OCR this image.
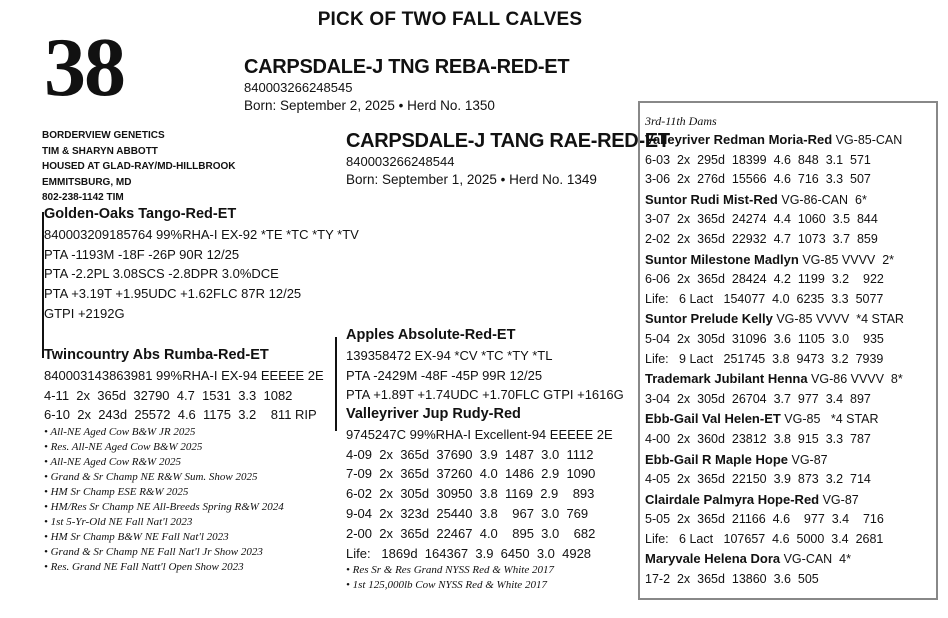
PICK OF TWO FALL CALVES
38	CARPSDALE-J TNG REBA-RED-ET
840003266248545
Born: September 2, 2025 • Herd No. 1350
CARPSDALE-J TANG RAE-RED-ET
840003266248544
Born: September 1, 2025 • Herd No. 1349
BORDERVIEW GENETICS
TIM & SHARYN ABBOTT
HOUSED AT GLAD-RAY/MD-HILLBROOK
EMMITSBURG, MD
802-238-1142 TIM
Golden-Oaks Tango-Red-ET
840003209185764 99%RHA-I EX-92 *TE *TC *TY *TV
PTA -1193M -18F -26P 90R 12/25
PTA -2.2PL 3.08SCS -2.8DPR 3.0%DCE
PTA +3.19T +1.95UDC +1.62FLC 87R 12/25
GTPI +2192G
Twincountry Abs Rumba-Red-ET
840003143863981 99%RHA-I EX-94 EEEEE 2E
4-11  2x  365d  32790  4.7  1531  3.3  1082
6-10  2x  243d  25572  4.6  1175  3.2    811 RIP
• All-NE Aged Cow B&W JR 2025
• Res. All-NE Aged Cow B&W 2025
• All-NE Aged Cow R&W 2025
• Grand & Sr Champ NE R&W Sum. Show 2025
• HM Sr Champ ESE R&W 2025
• HM/Res Sr Champ NE All-Breeds Spring R&W 2024
• 1st 5-Yr-Old NE Fall Nat'l 2023
• HM Sr Champ B&W NE Fall Nat'l 2023
• Grand & Sr Champ NE Fall Nat'l Jr Show 2023
• Res. Grand NE Fall Natt'l Open Show 2023
Apples Absolute-Red-ET
139358472 EX-94 *CV *TC *TY *TL
PTA -2429M -48F -45P 99R 12/25
PTA +1.89T +1.74UDC +1.70FLC GTPI +1616G
Valleyriver Jup Rudy-Red
9745247C 99%RHA-I Excellent-94 EEEEE 2E
4-09  2x  365d  37690  3.9  1487  3.0  1112
7-09  2x  365d  37260  4.0  1486  2.9  1090
6-02  2x  305d  30950  3.8  1169  2.9    893
9-04  2x  323d  25440  3.8    967  3.0  769
2-00  2x  365d  22467  4.0    895  3.0    682
Life:   1869d  164367  3.9  6450  3.0  4928
• Res Sr & Res Grand NYSS Red & White 2017
• 1st 125,000lb Cow NYSS Red & White 2017
3rd-11th Dams
Valleyriver Redman Moria-Red VG-85-CAN
6-03  2x  295d  18399  4.6  848  3.1  571
3-06  2x  276d  15566  4.6  716  3.3  507
Suntor Rudi Mist-Red VG-86-CAN  6*
3-07  2x  365d  24274  4.4  1060  3.5  844
2-02  2x  365d  22932  4.7  1073  3.7  859
Suntor Milestone Madlyn VG-85 VVVV  2*
6-06  2x  365d  28424  4.2  1199  3.2    922
Life:   6 Lact   154077  4.0  6235  3.3  5077
Suntor Prelude Kelly VG-85 VVVV  *4 STAR
5-04  2x  305d  31096  3.6  1105  3.0    935
Life:   9 Lact   251745  3.8  9473  3.2  7939
Trademark Jubilant Henna VG-86 VVVV  8*
3-04  2x  305d  26704  3.7  977  3.4  897
Ebb-Gail Val Helen-ET VG-85   *4 STAR
4-00  2x  360d  23812  3.8  915  3.3  787
Ebb-Gail R Maple Hope VG-87
4-05  2x  365d  22150  3.9  873  3.2  714
Clairdale Palmyra Hope-Red VG-87
5-05  2x  365d  21166  4.6    977  3.4    716
Life:   6 Lact   107657  4.6  5000  3.4  2681
Maryvale Helena Dora VG-CAN  4*
17-2  2x  365d  13860  3.6  505
